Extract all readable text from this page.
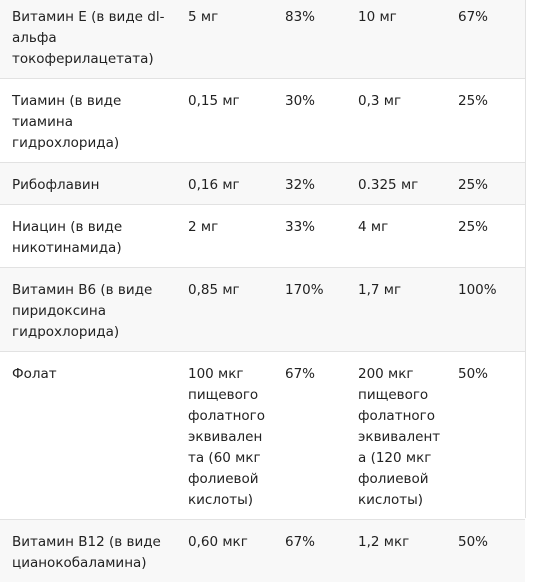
Витамин E (в виде dl-альфа токоферилацетата)	5 мг	83%	10 мг	67%
Тиамин (в виде тиамина гидрохлорида)	0,15 мг	30%	0,3 мг	25%
Рибофлавин	0,16 мг	32%	0.325 мг	25%
Ниацин (в виде никотинамида)	2 мг	33%	4 мг	25%
Витамин B6 (в виде пиридоксина гидрохлорида)	0,85 мг	170%	1,7 мг	100%
Фолат	100 мкг пищевого фолатного эквивалента (60 мкг фолиевой кислоты)	67%	200 мкг пищевого фолатного эквивалента (120 мкг фолиевой кислоты)	50%
Витамин B12 (в виде цианокобаламина)	0,60 мкг	67%	1,2 мкг	50%
